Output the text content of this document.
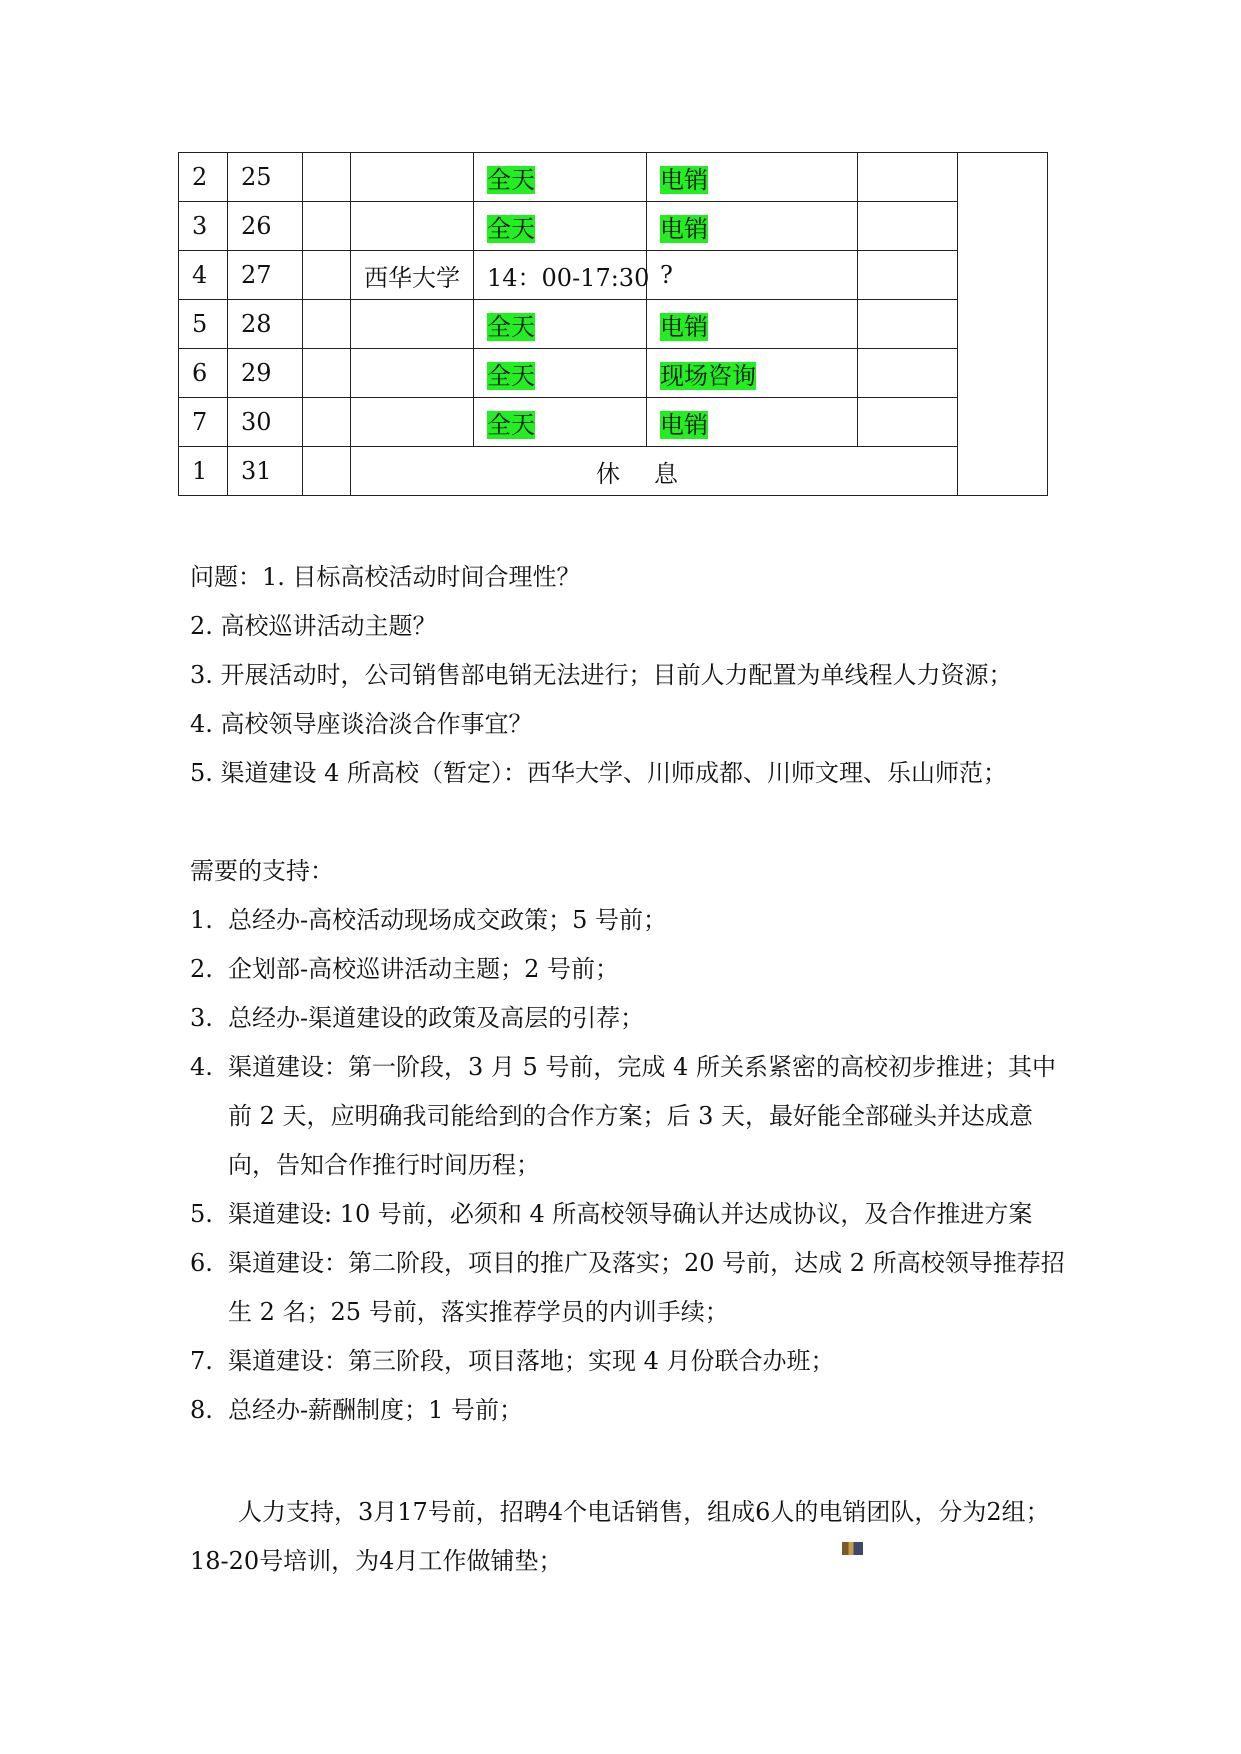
2	25			全天	电销		
3	26			全天	电销		
4	27		西华大学	14：00-17:30	?		
5	28			全天	电销		
6	29			全天	现场咨询		
7	30			全天	电销		
1	31		休息				

问题：1. 目标高校活动时间合理性？

2. 高校巡讲活动主题？

3. 开展活动时，公司销售部电销无法进行；目前人力配置为单线程人力资源；

4. 高校领导座谈洽淡合作事宜？

5. 渠道建设 4 所高校（暂定）：西华大学、川师成都、川师文理、乐山师范；

需要的支持：

1. 总经办-高校活动现场成交政策；5 号前；
2. 企划部-高校巡讲活动主题；2 号前；
3. 总经办-渠道建设的政策及高层的引荐；
4. 渠道建设：第一阶段，3 月 5 号前，完成 4 所关系紧密的高校初步推进；其中前 2 天，应明确我司能给到的合作方案；后 3 天，最好能全部碰头并达成意向，告知合作推行时间历程；
5. 渠道建设: 10 号前，必须和 4 所高校领导确认并达成协议，及合作推进方案
6. 渠道建设：第二阶段，项目的推广及落实；20 号前，达成 2 所高校领导推荐招生 2 名；25 号前，落实推荐学员的内训手续；
7. 渠道建设：第三阶段，项目落地；实现 4 月份联合办班；
8. 总经办-薪酬制度；1 号前；

人力支持，3月17号前，招聘4个电话销售，组成6人的电销团队，分为2组；

18-20号培训，为4月工作做铺垫；
